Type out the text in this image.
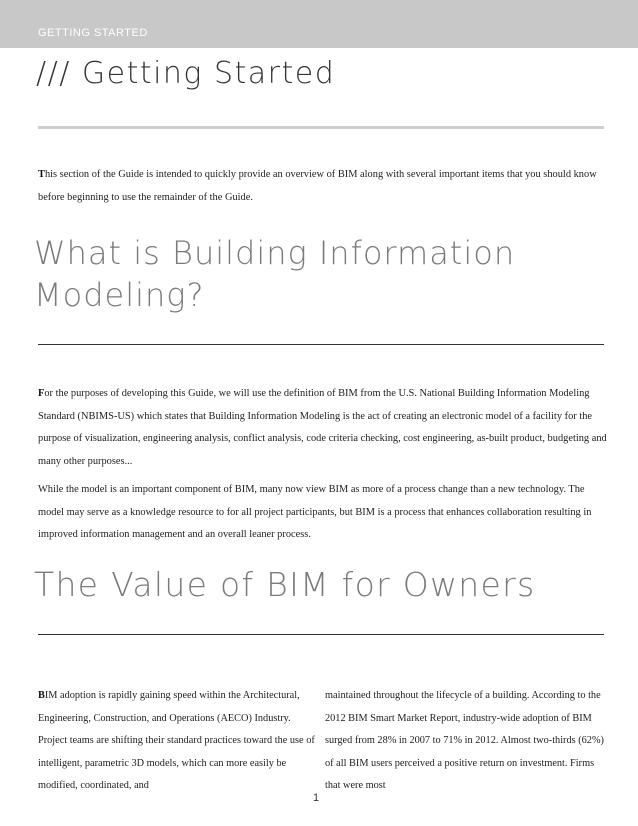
GETTING STARTED
/// Getting Started

This section of the Guide is intended to quickly provide an overview of BIM along with several important items that you should know before beginning to use the remainder of the Guide.

What is Building Information Modeling?

For the purposes of developing this Guide, we will use the definition of BIM from the U.S. National Building Information Modeling Standard (NBIMS-US) which states that Building Information Modeling is the act of creating an electronic model of a facility for the purpose of visualization, engineering analysis, conflict analysis, code criteria checking, cost engineering, as-built product, budgeting and many other purposes...

While the model is an important component of BIM, many now view BIM as more of a process change than a new technology. The model may serve as a knowledge resource to for all project participants, but BIM is a process that enhances collaboration resulting in improved information management and an overall leaner process.

The Value of BIM for Owners

BIM adoption is rapidly gaining speed within the Architectural, Engineering, Construction, and Operations (AECO) Industry. Project teams are shifting their standard practices toward the use of intelligent, parametric 3D models, which can more easily be modified, coordinated, and

maintained throughout the lifecycle of a building. According to the 2012 BIM Smart Market Report, industry-wide adoption of BIM surged from 28% in 2007 to 71% in 2012. Almost two-thirds (62%) of all BIM users perceived a positive return on investment. Firms that were most

1
